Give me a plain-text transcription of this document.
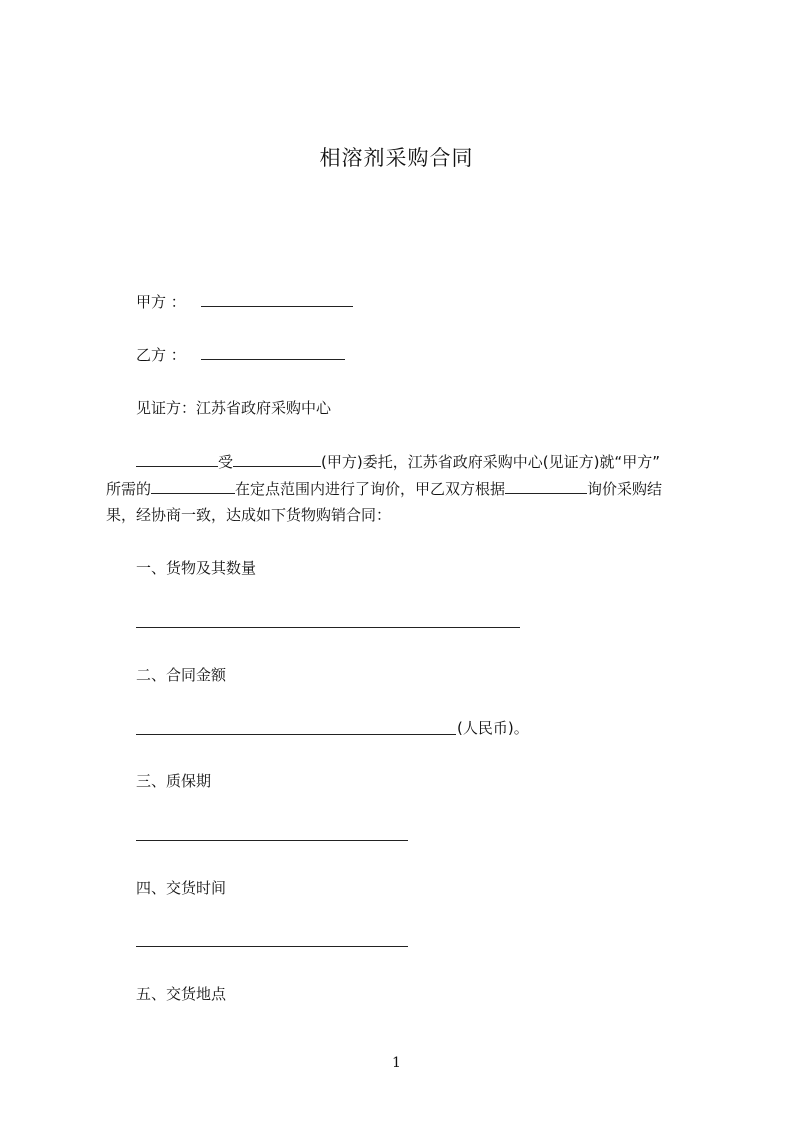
相溶剂采购合同
甲方 ：
乙方 ：
见证方：江苏省政府采购中心
受	(甲方)委托，江苏省政府采购中心(见证方)就“甲方”
所需的	在定点范围内进行了询价，甲乙双方根据	询价采购结
果，经协商一致，达成如下货物购销合同：
一、货物及其数量
二、合同金额
(人民币)。
三、质保期
四、交货时间
五、交货地点
1
